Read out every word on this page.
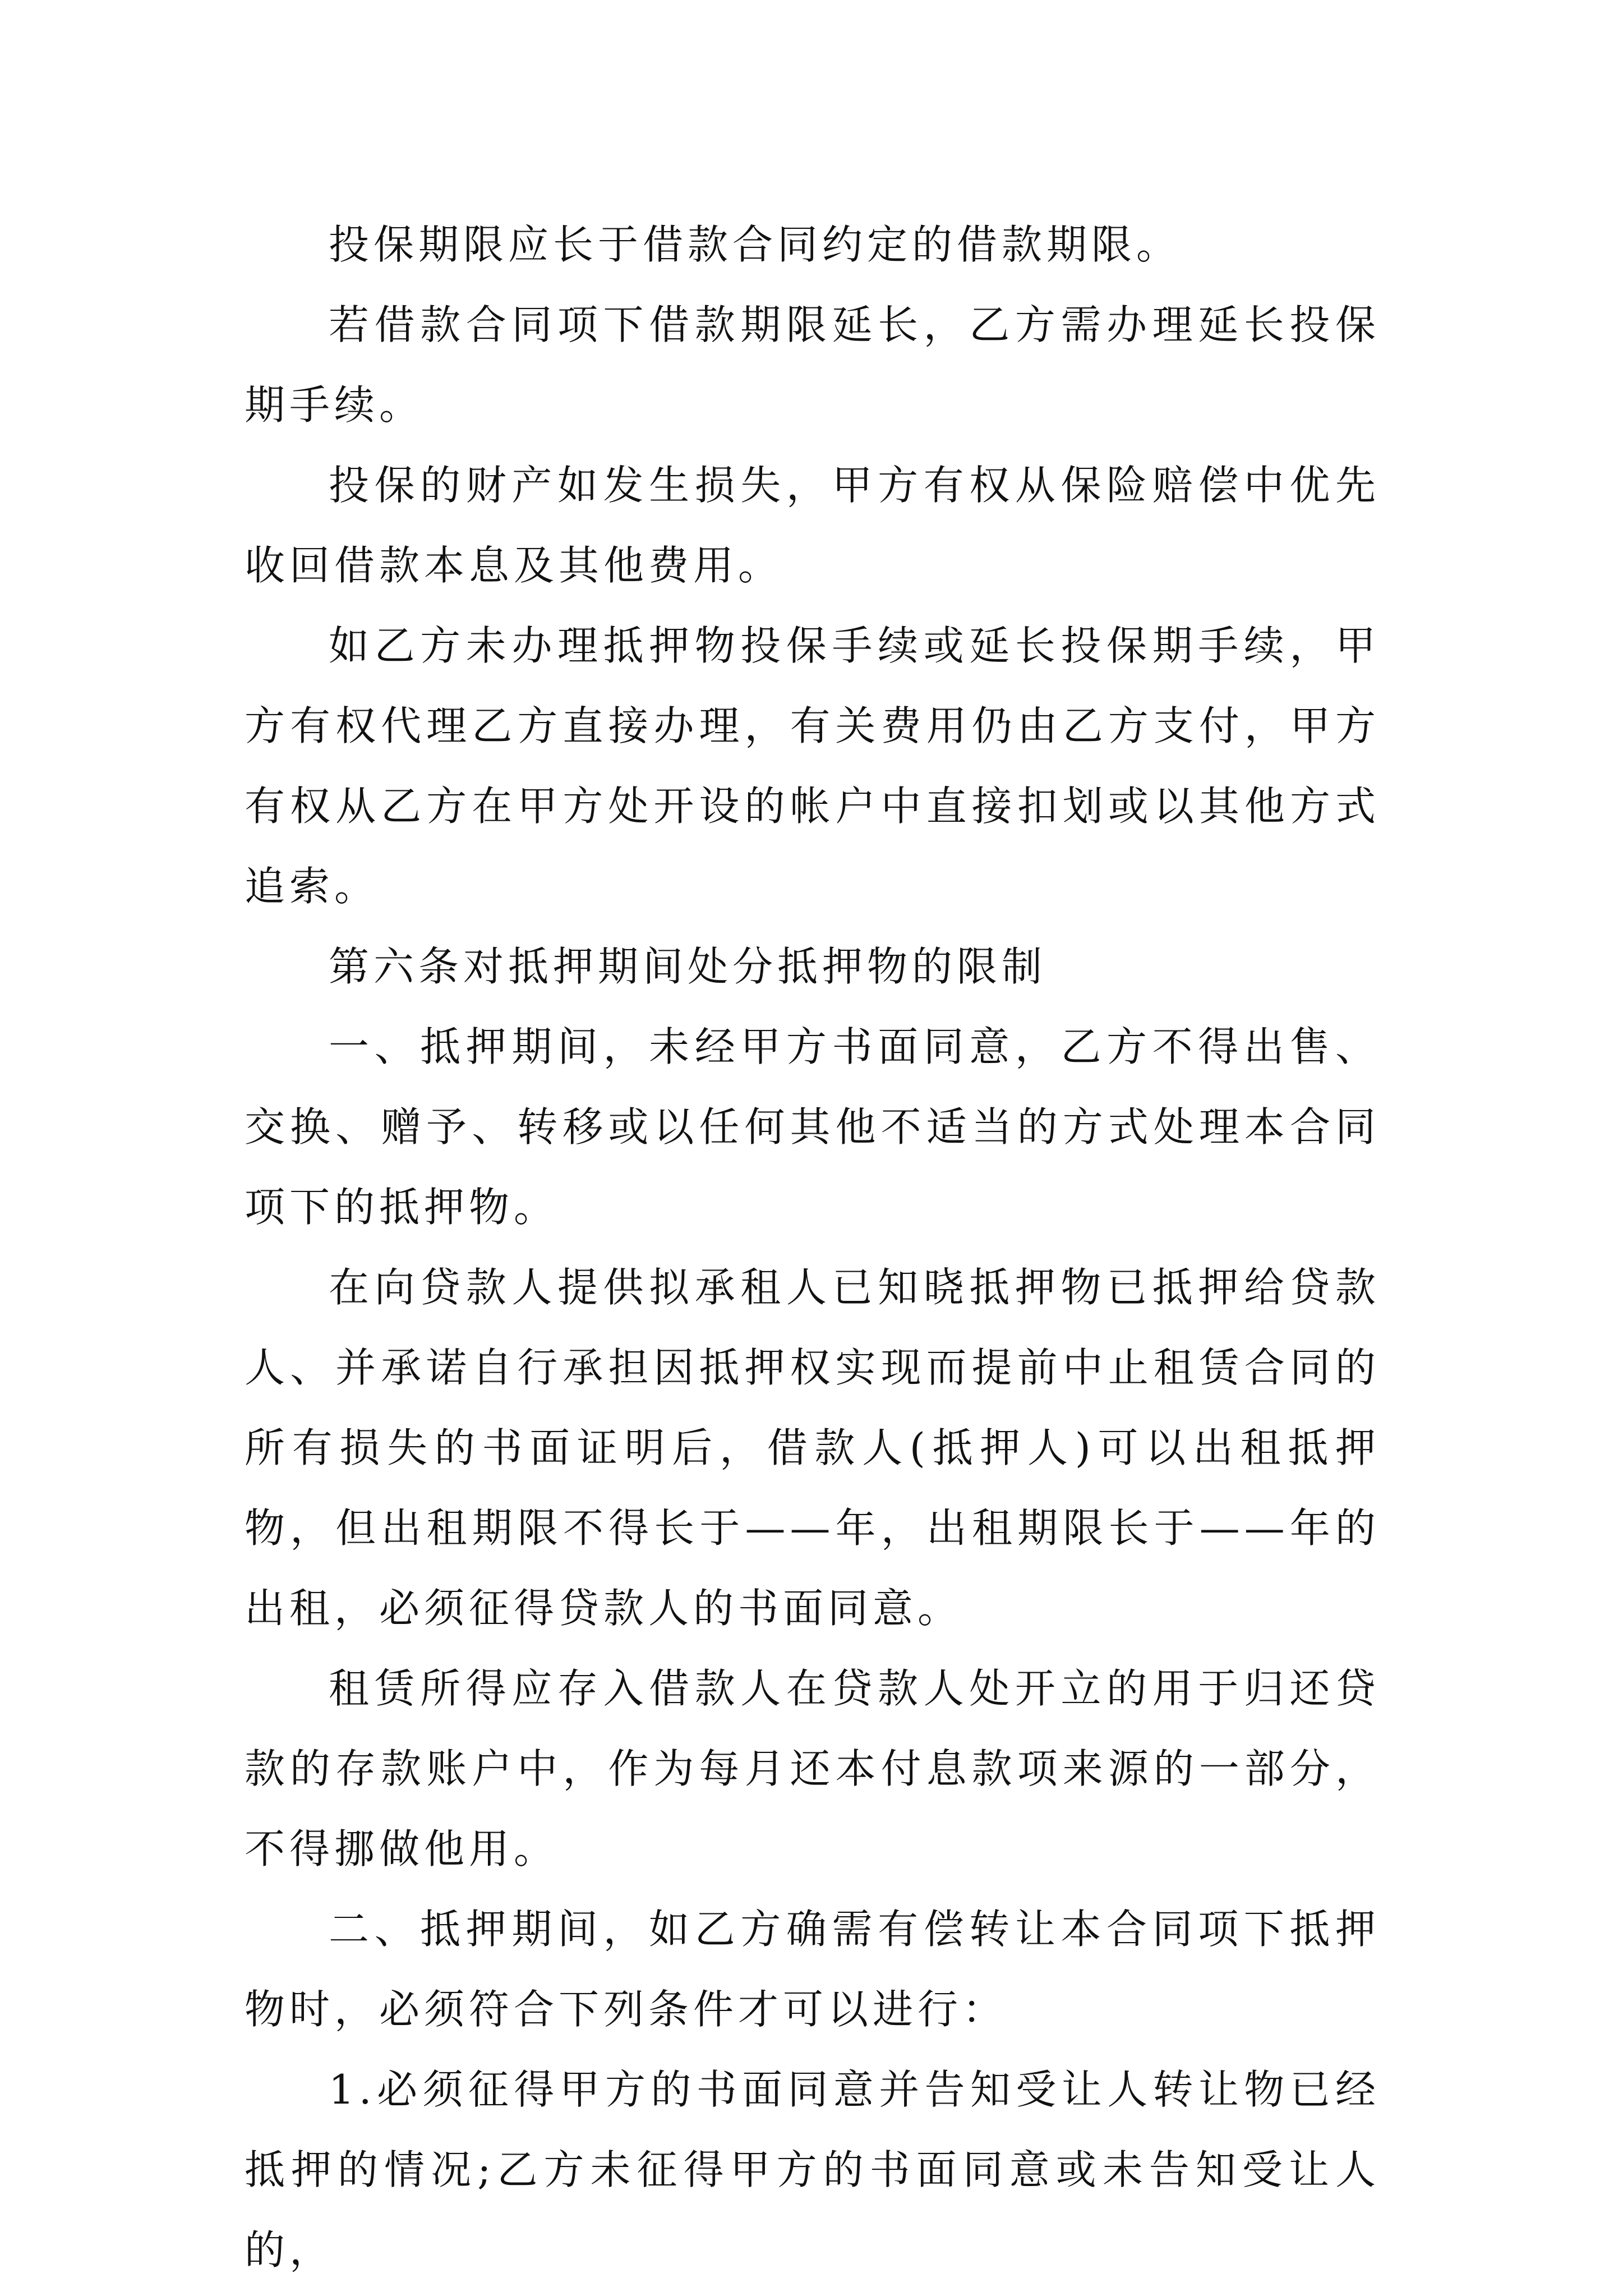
投保期限应长于借款合同约定的借款期限。

若借款合同项下借款期限延长，乙方需办理延长投保期手续。

投保的财产如发生损失，甲方有权从保险赔偿中优先收回借款本息及其他费用。

如乙方未办理抵押物投保手续或延长投保期手续，甲方有权代理乙方直接办理，有关费用仍由乙方支付，甲方有权从乙方在甲方处开设的帐户中直接扣划或以其他方式追索。

第六条对抵押期间处分抵押物的限制

一、抵押期间，未经甲方书面同意，乙方不得出售、交换、赠予、转移或以任何其他不适当的方式处理本合同项下的抵押物。

在向贷款人提供拟承租人已知晓抵押物已抵押给贷款人、并承诺自行承担因抵押权实现而提前中止租赁合同的所有损失的书面证明后，借款人(抵押人)可以出租抵押物，但出租期限不得长于——年，出租期限长于——年的出租，必须征得贷款人的书面同意。

租赁所得应存入借款人在贷款人处开立的用于归还贷款的存款账户中，作为每月还本付息款项来源的一部分，不得挪做他用。

二、抵押期间，如乙方确需有偿转让本合同项下抵押物时，必须符合下列条件才可以进行：

1.必须征得甲方的书面同意并告知受让人转让物已经抵押的情况;乙方未征得甲方的书面同意或未告知受让人的，
